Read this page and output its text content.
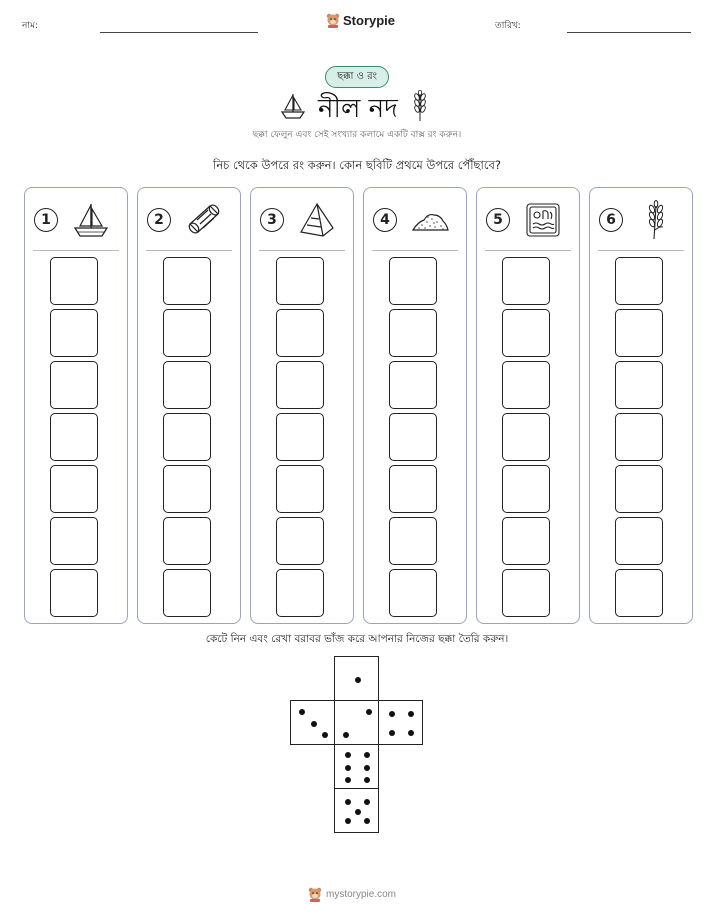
নাম:	Storypie	তারিখ:
ছক্কা ও রং
নীল নদ
ছক্কা ফেলুন এবং সেই সংখ্যার কলামে একটি বাক্স রং করুন।
নিচ থেকে উপরে রং করুন। কোন ছবিটি প্রথমে উপরে পৌঁছাবে?
1	2	3	4	5	6
কেটে নিন এবং রেখা বরাবর ভাঁজ করে আপনার নিজের ছক্কা তৈরি করুন।
mystorypie.com
